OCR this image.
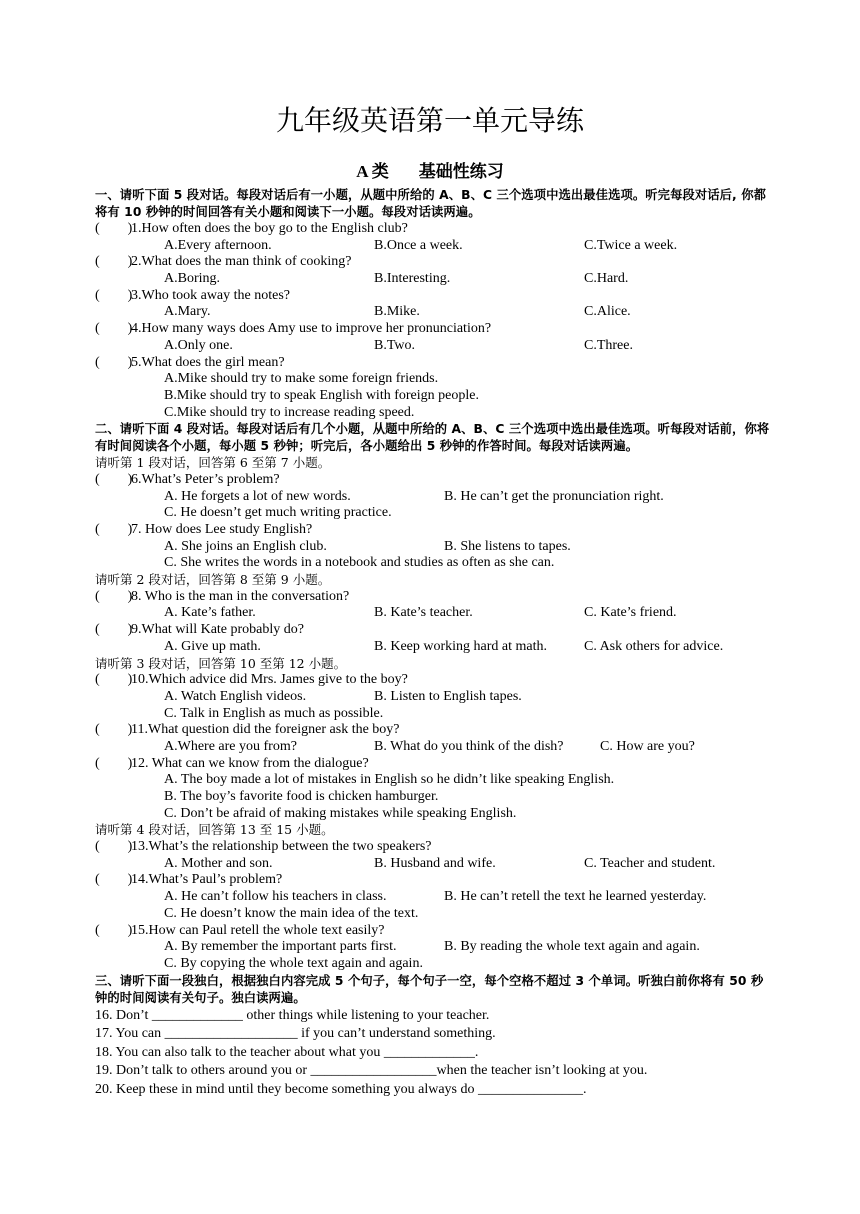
九年级英语第一单元导练
A 类 基础性练习
一、请听下面 5 段对话。每段对话后有一小题，从题中所给的 A、B、C 三个选项中选出最佳选项。听完每段对话后, 你都将有 10 秒钟的时间回答有关小题和阅读下一小题。每段对话读两遍。
(        )1.How often does the boy go to the English club?
A.Every afternoon.	B.Once a week.	C.Twice a week.
(        )2.What does the man think of cooking?
A.Boring.	B.Interesting.	C.Hard.
(        )3.Who took away the notes?
A.Mary.	B.Mike.	C.Alice.
(        )4.How many ways does Amy use to improve her pronunciation?
A.Only one.	B.Two.	C.Three.
(        )5.What does the girl mean?
A.Mike should try to make some foreign friends.
B.Mike should try to speak English with foreign people.
C.Mike should try to increase reading speed.
二、请听下面 4 段对话。每段对话后有几个小题，从题中所给的 A、B、C 三个选项中选出最佳选项。听每段对话前，你将有时间阅读各个小题，每小题 5 秒钟；听完后，各小题给出 5 秒钟的作答时间。每段对话读两遍。
请听第 1 段对话，回答第 6 至第 7 小题。
(        )6.What’s Peter’s problem?
A. He forgets a lot of new words.	B. He can’t get the pronunciation right.
C. He doesn’t get much writing practice.
(        )7. How does Lee study English?
A. She joins an English club.	B. She listens to tapes.
C. She writes the words in a notebook and studies as often as she can.
请听第 2 段对话，回答第 8 至第 9 小题。
(        )8. Who is the man in the conversation?
A. Kate’s father.	B. Kate’s teacher.	C. Kate’s friend.
(        )9.What will Kate probably do?
A. Give up math.	B. Keep working hard at math.	C. Ask others for advice.
请听第 3 段对话，回答第 10 至第 12 小题。
(        )10.Which advice did Mrs. James give to the boy?
A. Watch English videos.	B. Listen to English tapes.
C. Talk in English as much as possible.
(        )11.What question did the foreigner ask the boy?
A.Where are you from?	B. What do you think of the dish?	C. How are you?
(        )12. What can we know from the dialogue?
A. The boy made a lot of mistakes in English so he didn’t like speaking English.
B. The boy’s favorite food is chicken hamburger.
C. Don’t be afraid of making mistakes while speaking English.
请听第 4 段对话，回答第 13 至 15 小题。
(        )13.What’s the relationship between the two speakers?
A. Mother and son.	B. Husband and wife.	C. Teacher and student.
(        )14.What’s Paul’s problem?
A. He can’t follow his teachers in class.	B. He can’t retell the text he learned yesterday.
C. He doesn’t know the main idea of the text.
(        )15.How can Paul retell the whole text easily?
A. By remember the important parts first.	B. By reading the whole text again and again.
C. By copying the whole text again and again.
三、请听下面一段独白，根据独白内容完成 5 个句子，每个句子一空，每个空格不超过 3 个单词。听独白前你将有 50 秒钟的时间阅读有关句子。独白读两遍。
16. Don’t _____________ other things while listening to your teacher.
17. You can ___________________ if you can’t understand something.
18. You can also talk to the teacher about what you _____________.
19. Don’t talk to others around you or __________________when the teacher isn’t looking at you.
20. Keep these in mind until they become something you always do _______________.
